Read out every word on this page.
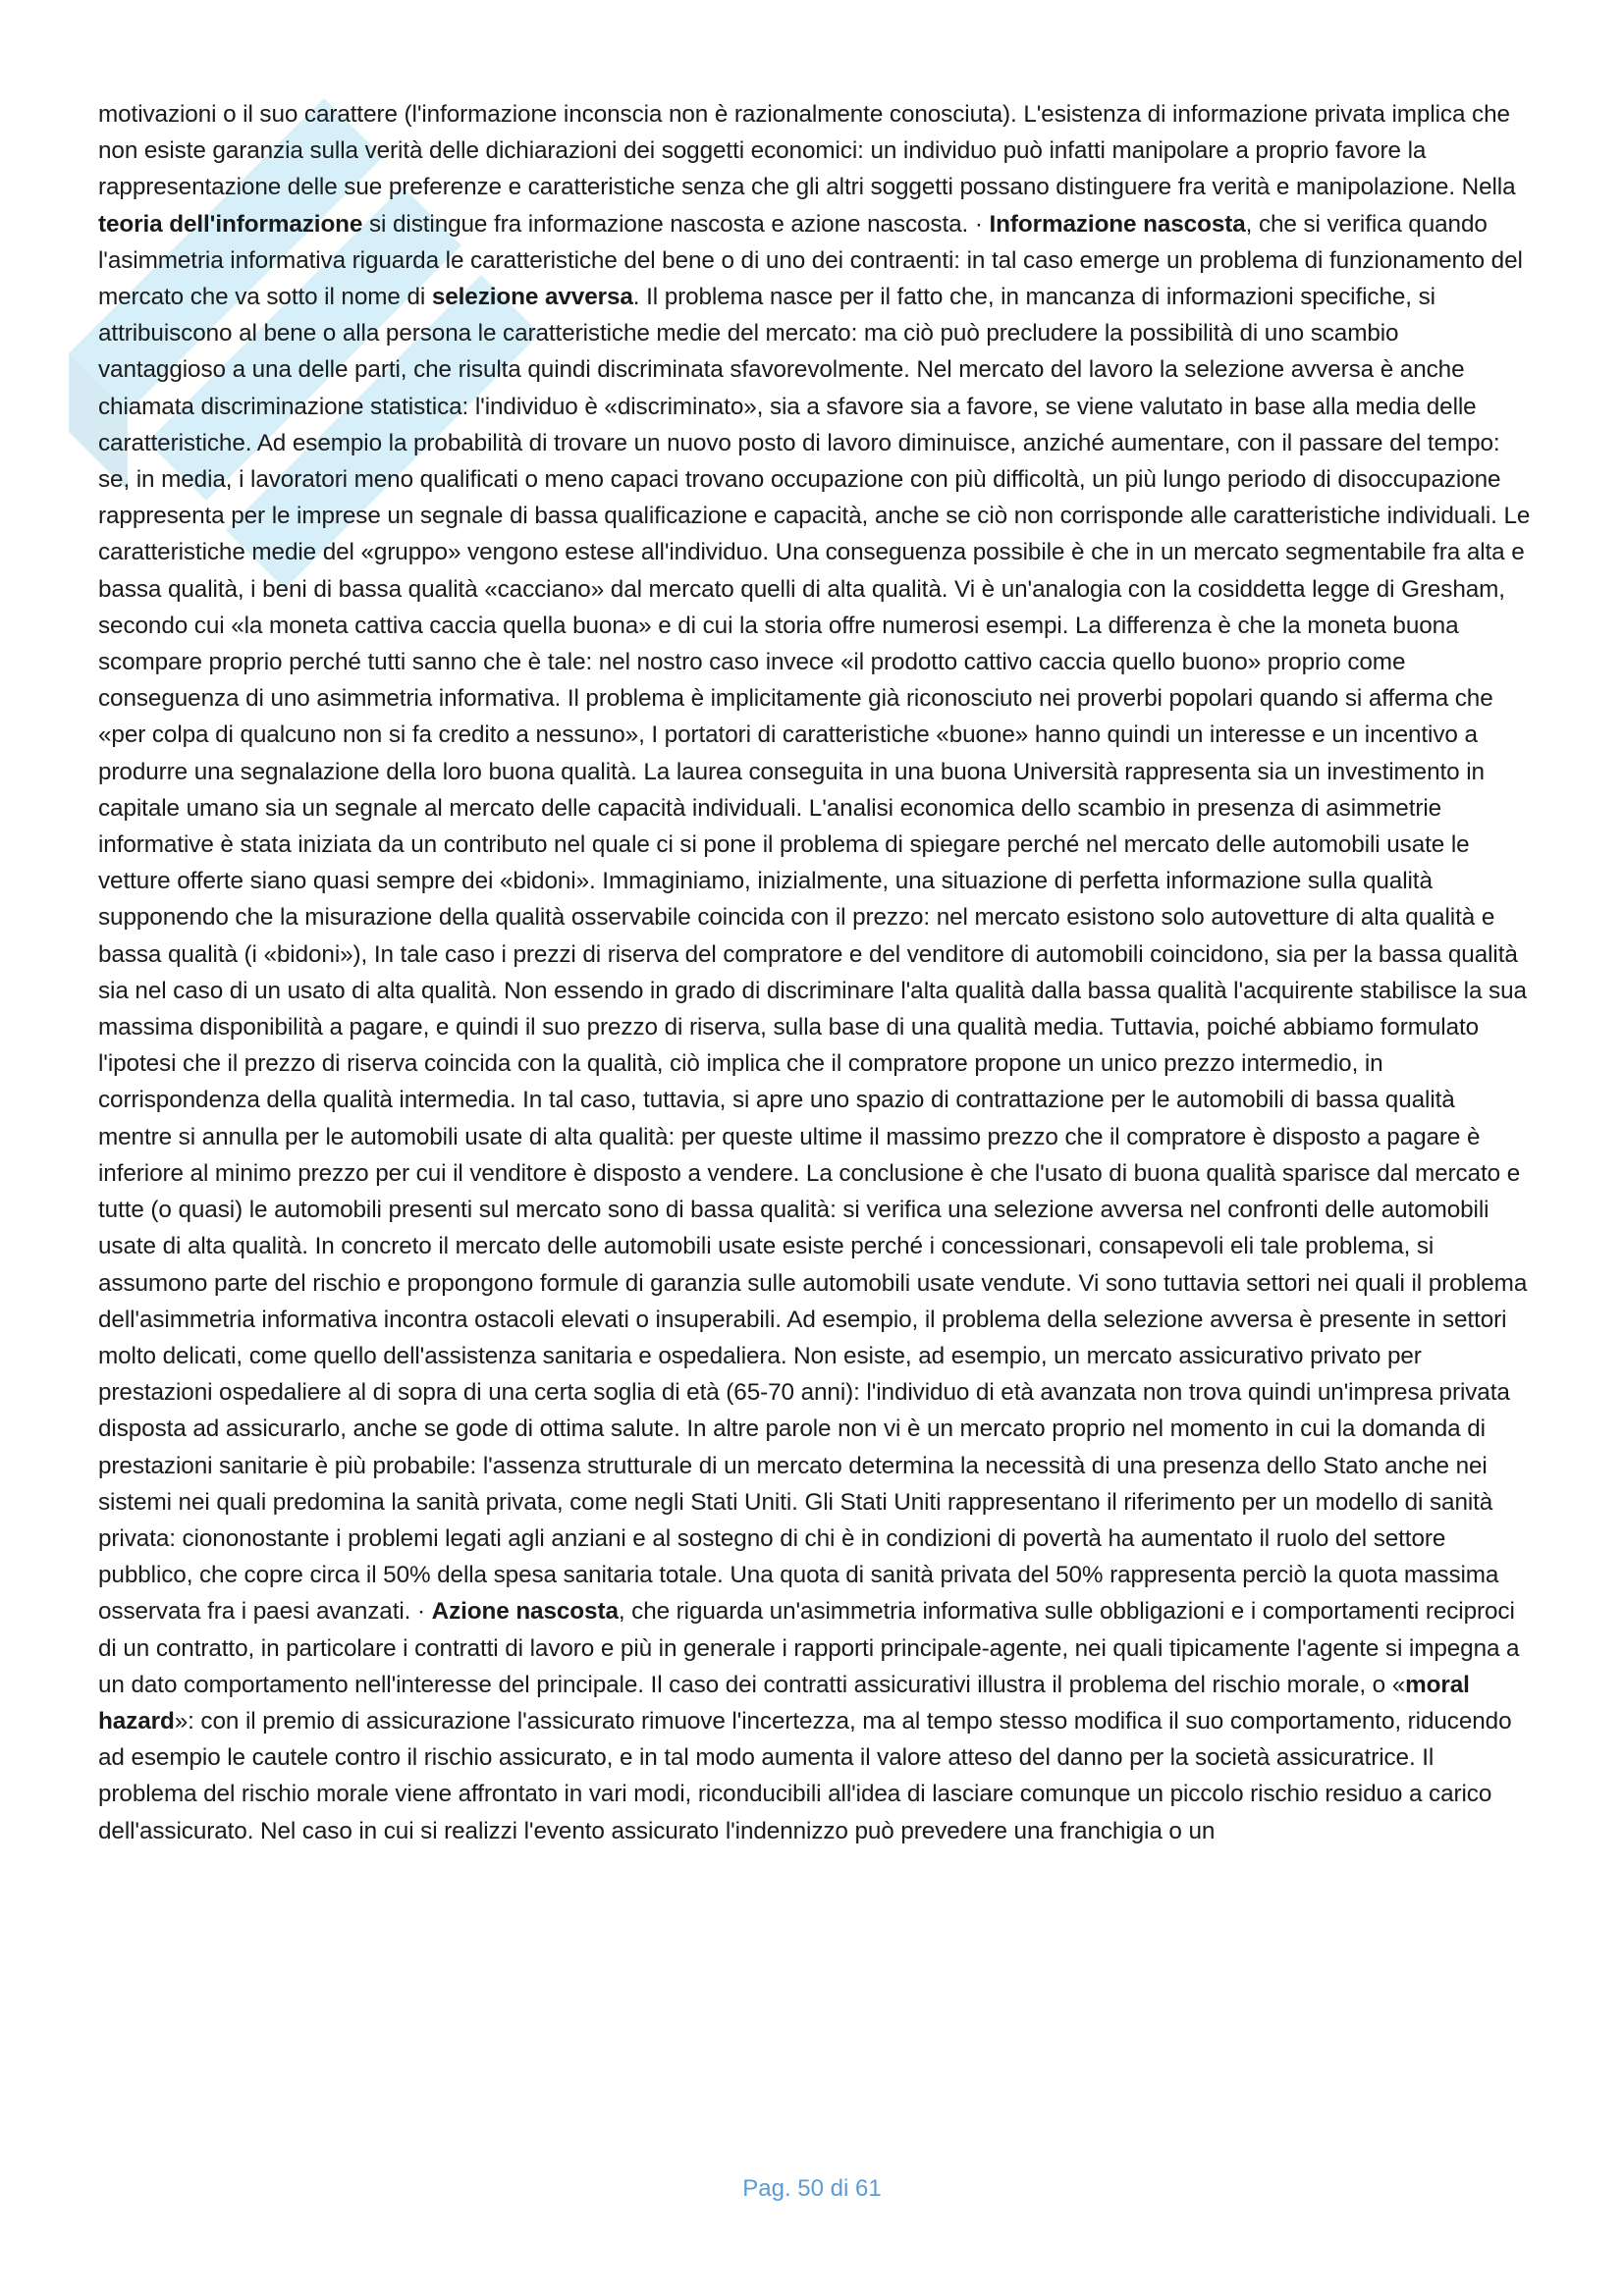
motivazioni o il suo carattere (l'informazione inconscia non è razionalmente conosciuta). L'esistenza di informazione privata implica che non esiste garanzia sulla verità delle dichiarazioni dei soggetti economici: un individuo può infatti manipolare a proprio favore la rappresentazione delle sue preferenze e caratteristiche senza che gli altri soggetti possano distinguere fra verità e manipolazione. Nella teoria dell'informazione si distingue fra informazione nascosta e azione nascosta. · Informazione nascosta, che si verifica quando l'asimmetria informativa riguarda le caratteristiche del bene o di uno dei contraenti: in tal caso emerge un problema di funzionamento del mercato che va sotto il nome di selezione avversa. Il problema nasce per il fatto che, in mancanza di informazioni specifiche, si attribuiscono al bene o alla persona le caratteristiche medie del mercato: ma ciò può precludere la possibilità di uno scambio vantaggioso a una delle parti, che risulta quindi discriminata sfavorevolmente. Nel mercato del lavoro la selezione avversa è anche chiamata discriminazione statistica: l'individuo è «discriminato», sia a sfavore sia a favore, se viene valutato in base alla media delle caratteristiche. Ad esempio la probabilità di trovare un nuovo posto di lavoro diminuisce, anziché aumentare, con il passare del tempo: se, in media, i lavoratori meno qualificati o meno capaci trovano occupazione con più difficoltà, un più lungo periodo di disoccupazione rappresenta per le imprese un segnale di bassa qualificazione e capacità, anche se ciò non corrisponde alle caratteristiche individuali. Le caratteristiche medie del «gruppo» vengono estese all'individuo. Una conseguenza possibile è che in un mercato segmentabile fra alta e bassa qualità, i beni di bassa qualità «cacciano» dal mercato quelli di alta qualità. Vi è un'analogia con la cosiddetta legge di Gresham, secondo cui «la moneta cattiva caccia quella buona» e di cui la storia offre numerosi esempi. La differenza è che la moneta buona scompare proprio perché tutti sanno che è tale: nel nostro caso invece «il prodotto cattivo caccia quello buono» proprio come conseguenza di uno asimmetria informativa. Il problema è implicitamente già riconosciuto nei proverbi popolari quando si afferma che «per colpa di qualcuno non si fa credito a nessuno», I portatori di caratteristiche «buone» hanno quindi un interesse e un incentivo a produrre una segnalazione della loro buona qualità. La laurea conseguita in una buona Università rappresenta sia un investimento in capitale umano sia un segnale al mercato delle capacità individuali. L'analisi economica dello scambio in presenza di asimmetrie informative è stata iniziata da un contributo nel quale ci si pone il problema di spiegare perché nel mercato delle automobili usate le vetture offerte siano quasi sempre dei «bidoni». Immaginiamo, inizialmente, una situazione di perfetta informazione sulla qualità supponendo che la misurazione della qualità osservabile coincida con il prezzo: nel mercato esistono solo autovetture di alta qualità e bassa qualità (i «bidoni»), In tale caso i prezzi di riserva del compratore e del venditore di automobili coincidono, sia per la bassa qualità sia nel caso di un usato di alta qualità. Non essendo in grado di discriminare l'alta qualità dalla bassa qualità l'acquirente stabilisce la sua massima disponibilità a pagare, e quindi il suo prezzo di riserva, sulla base di una qualità media. Tuttavia, poiché abbiamo formulato l'ipotesi che il prezzo di riserva coincida con la qualità, ciò implica che il compratore propone un unico prezzo intermedio, in corrispondenza della qualità intermedia. In tal caso, tuttavia, si apre uno spazio di contrattazione per le automobili di bassa qualità mentre si annulla per le automobili usate di alta qualità: per queste ultime il massimo prezzo che il compratore è disposto a pagare è inferiore al minimo prezzo per cui il venditore è disposto a vendere. La conclusione è che l'usato di buona qualità sparisce dal mercato e tutte (o quasi) le automobili presenti sul mercato sono di bassa qualità: si verifica una selezione avversa nel confronti delle automobili usate di alta qualità. In concreto il mercato delle automobili usate esiste perché i concessionari, consapevoli eli tale problema, si assumono parte del rischio e propongono formule di garanzia sulle automobili usate vendute. Vi sono tuttavia settori nei quali il problema dell'asimmetria informativa incontra ostacoli elevati o insuperabili. Ad esempio, il problema della selezione avversa è presente in settori molto delicati, come quello dell'assistenza sanitaria e ospedaliera. Non esiste, ad esempio, un mercato assicurativo privato per prestazioni ospedaliere al di sopra di una certa soglia di età (65-70 anni): l'individuo di età avanzata non trova quindi un'impresa privata disposta ad assicurarlo, anche se gode di ottima salute. In altre parole non vi è un mercato proprio nel momento in cui la domanda di prestazioni sanitarie è più probabile: l'assenza strutturale di un mercato determina la necessità di una presenza dello Stato anche nei sistemi nei quali predomina la sanità privata, come negli Stati Uniti. Gli Stati Uniti rappresentano il riferimento per un modello di sanità privata: ciononostante i problemi legati agli anziani e al sostegno di chi è in condizioni di povertà ha aumentato il ruolo del settore pubblico, che copre circa il 50% della spesa sanitaria totale. Una quota di sanità privata del 50% rappresenta perciò la quota massima osservata fra i paesi avanzati. · Azione nascosta, che riguarda un'asimmetria informativa sulle obbligazioni e i comportamenti reciproci di un contratto, in particolare i contratti di lavoro e più in generale i rapporti principale-agente, nei quali tipicamente l'agente si impegna a un dato comportamento nell'interesse del principale. Il caso dei contratti assicurativi illustra il problema del rischio morale, o «moral hazard»: con il premio di assicurazione l'assicurato rimuove l'incertezza, ma al tempo stesso modifica il suo comportamento, riducendo ad esempio le cautele contro il rischio assicurato, e in tal modo aumenta il valore atteso del danno per la società assicuratrice. Il problema del rischio morale viene affrontato in vari modi, riconducibili all'idea di lasciare comunque un piccolo rischio residuo a carico dell'assicurato. Nel caso in cui si realizzi l'evento assicurato l'indennizzo può prevedere una franchigia o un

Pag. 50 di 61
